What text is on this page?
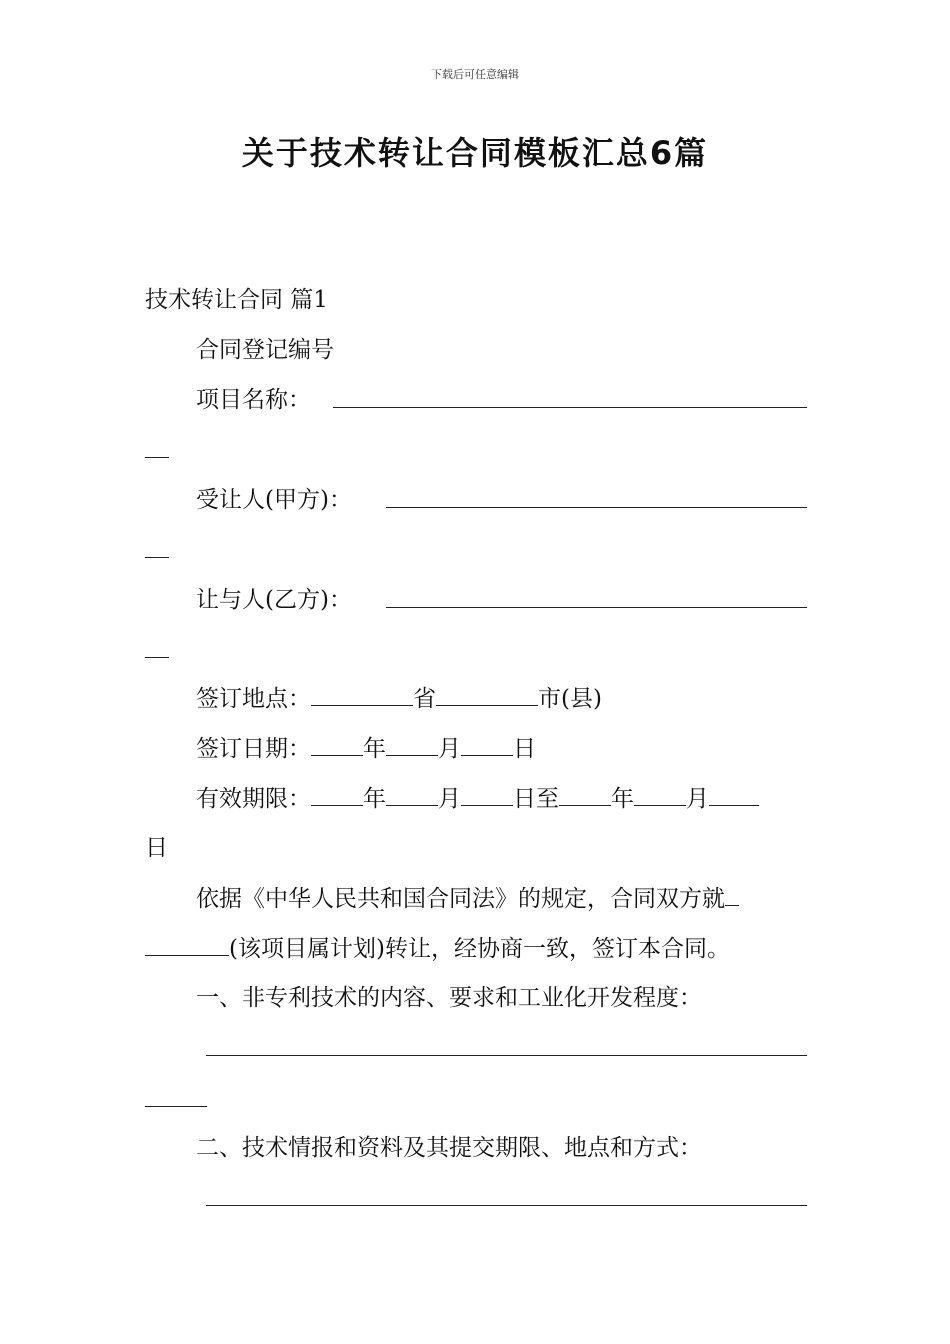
下载后可任意编辑
关于技术转让合同模板汇总6篇
技术转让合同 篇1
合同登记编号
项目名称：
受让人(甲方)：
让与人(乙方)：
签订地点：	省	市(县)
签订日期： 年 月 日
有效期限： 年 月 日至 年 月
日
依据《中华人民共和国合同法》的规定，合同双方就
(该项目属计划)转让，经协商一致，签订本合同。
一、非专利技术的内容、要求和工业化开发程度：
二、技术情报和资料及其提交期限、地点和方式：
